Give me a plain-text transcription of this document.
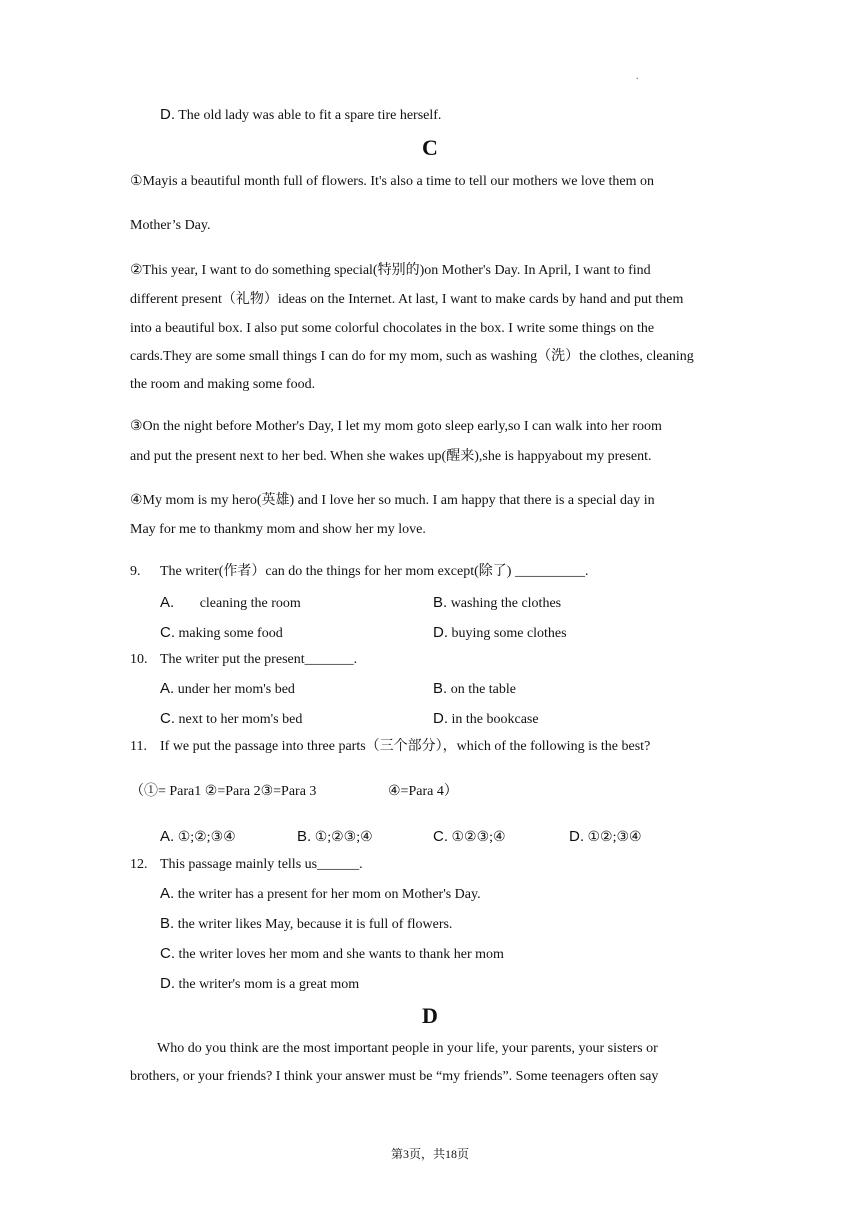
.
D. The old lady was able to fit a spare tire herself.
C
①Mayis a beautiful month full of flowers. It's also a time to tell our mothers we love them on
Mother’s Day.
②This year, I want to do something special(特别的)on Mother's Day. In April, I want to find
different present（礼物）ideas on the Internet. At last, I want to make cards by hand and put them
into a beautiful box. I also put some colorful chocolates in the box. I write some things on the
cards.They are some small things I can do for my mom, such as washing（洗）the clothes, cleaning
the room and making some food.
③On the night before Mother's Day, I let my mom goto sleep early,so I can walk into her room
and put the present next to her bed. When she wakes up(醒来),she is happyabout my present.
④My mom is my hero(英雄) and I love her so much. I am happy that there is a special day in
May for me to thankmy mom and show her my love.
9. The writer(作者）can do the things for her mom except(除了) __________.
A. cleaning the room	B. washing the clothes
C. making some food	D. buying some clothes
10. The writer put the present_______.
A. under her mom's bed	B. on the table
C. next to her mom's bed	D. in the bookcase
11. If we put the passage into three parts（三个部分），which of the following is the best?
（①= Para1 ②=Para 2③=Para 3	④=Para 4）
A. ①;②;③④	B. ①;②③;④	C. ①②③;④	D. ①②;③④
12. This passage mainly tells us______.
A. the writer has a present for her mom on Mother's Day.
B. the writer likes May, because it is full of flowers.
C. the writer loves her mom and she wants to thank her mom
D. the writer's mom is a great mom
D
Who do you think are the most important people in your life, your parents, your sisters or
brothers, or your friends? I think your answer must be “my friends”. Some teenagers often say
第3页，共18页
